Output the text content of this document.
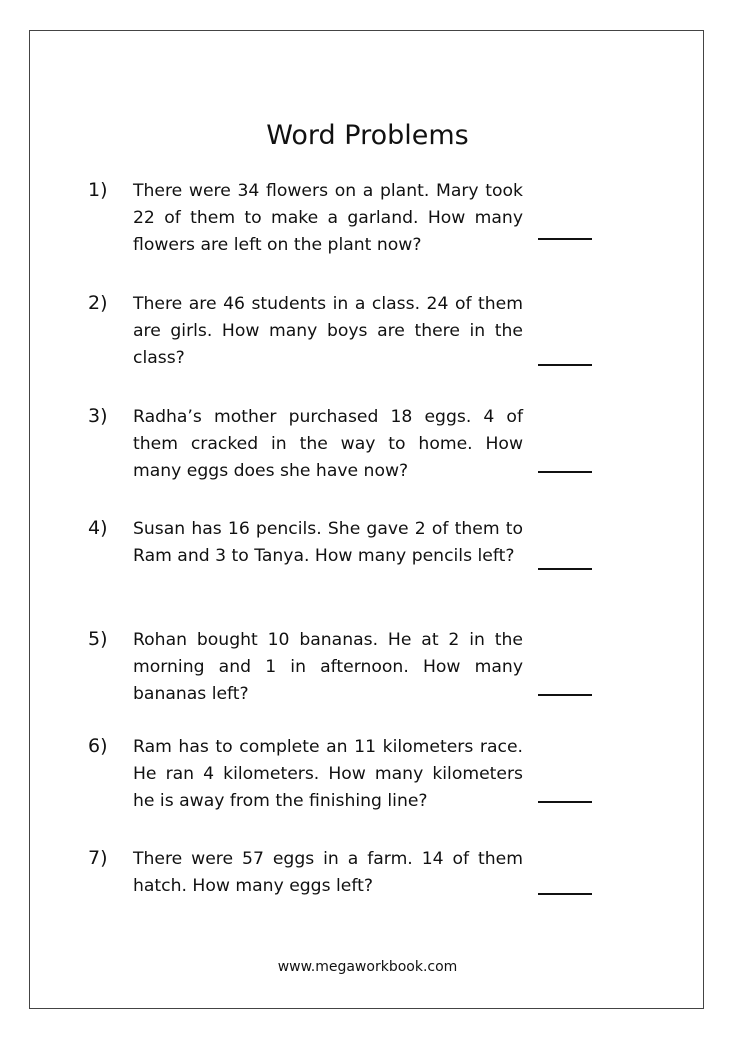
Word Problems
1) There were 34 flowers on a plant. Mary took 22 of them to make a garland. How many flowers are left on the plant now?
2) There are 46 students in a class. 24 of them are girls. How many boys are there in the class?
3) Radha’s mother purchased 18 eggs. 4 of them cracked in the way to home. How many eggs does she have now?
4) Susan has 16 pencils. She gave 2 of them to Ram and 3 to Tanya. How many pencils left?
5) Rohan bought 10 bananas. He at 2 in the morning and 1 in afternoon. How many bananas left?
6) Ram has to complete an 11 kilometers race. He ran 4 kilometers. How many kilometers he is away from the finishing line?
7) There were 57 eggs in a farm. 14 of them hatch. How many eggs left?
www.megaworkbook.com
